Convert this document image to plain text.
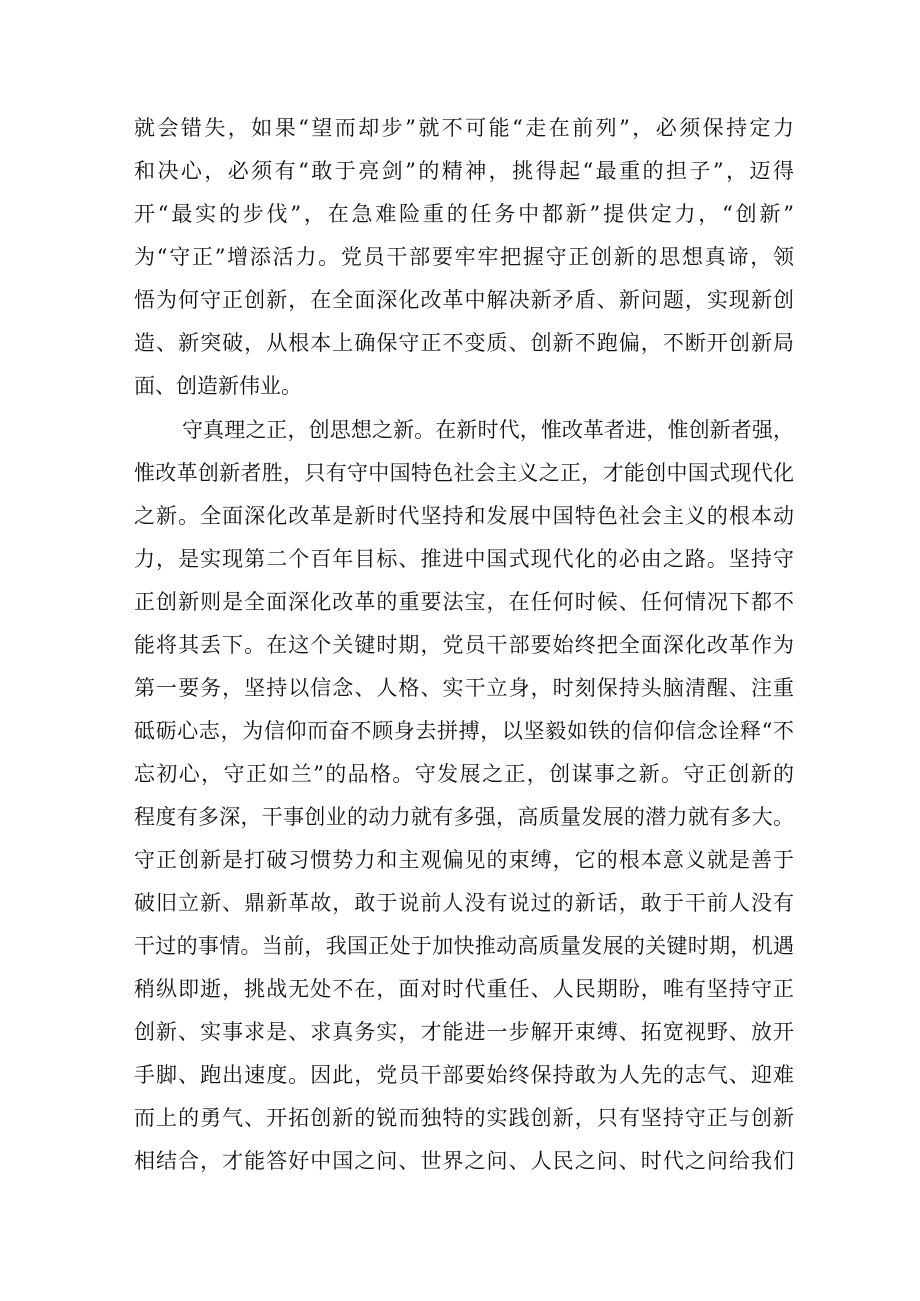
就会错失，如果“望而却步”就不可能“走在前列”，必须保持定力
和决心，必须有“敢于亮剑”的精神，挑得起“最重的担子”，迈得
开“最实的步伐”，在急难险重的任务中都新”提供定力，“创新”
为“守正”增添活力。党员干部要牢牢把握守正创新的思想真谛，领
悟为何守正创新，在全面深化改革中解决新矛盾、新问题，实现新创
造、新突破，从根本上确保守正不变质、创新不跑偏，不断开创新局
面、创造新伟业。
守真理之正，创思想之新。在新时代，惟改革者进，惟创新者强，
惟改革创新者胜，只有守中国特色社会主义之正，才能创中国式现代化
之新。全面深化改革是新时代坚持和发展中国特色社会主义的根本动
力，是实现第二个百年目标、推进中国式现代化的必由之路。坚持守
正创新则是全面深化改革的重要法宝，在任何时候、任何情况下都不
能将其丢下。在这个关键时期，党员干部要始终把全面深化改革作为
第一要务，坚持以信念、人格、实干立身，时刻保持头脑清醒、注重
砥砺心志，为信仰而奋不顾身去拼搏，以坚毅如铁的信仰信念诠释“不
忘初心，守正如兰”的品格。守发展之正，创谋事之新。守正创新的
程度有多深，干事创业的动力就有多强，高质量发展的潜力就有多大。
守正创新是打破习惯势力和主观偏见的束缚，它的根本意义就是善于
破旧立新、鼎新革故，敢于说前人没有说过的新话，敢于干前人没有
干过的事情。当前，我国正处于加快推动高质量发展的关键时期，机遇
稍纵即逝，挑战无处不在，面对时代重任、人民期盼，唯有坚持守正
创新、实事求是、求真务实，才能进一步解开束缚、拓宽视野、放开
手脚、跑出速度。因此，党员干部要始终保持敢为人先的志气、迎难
而上的勇气、开拓创新的锐而独特的实践创新，只有坚持守正与创新
相结合，才能答好中国之问、世界之问、人民之问、时代之问给我们
